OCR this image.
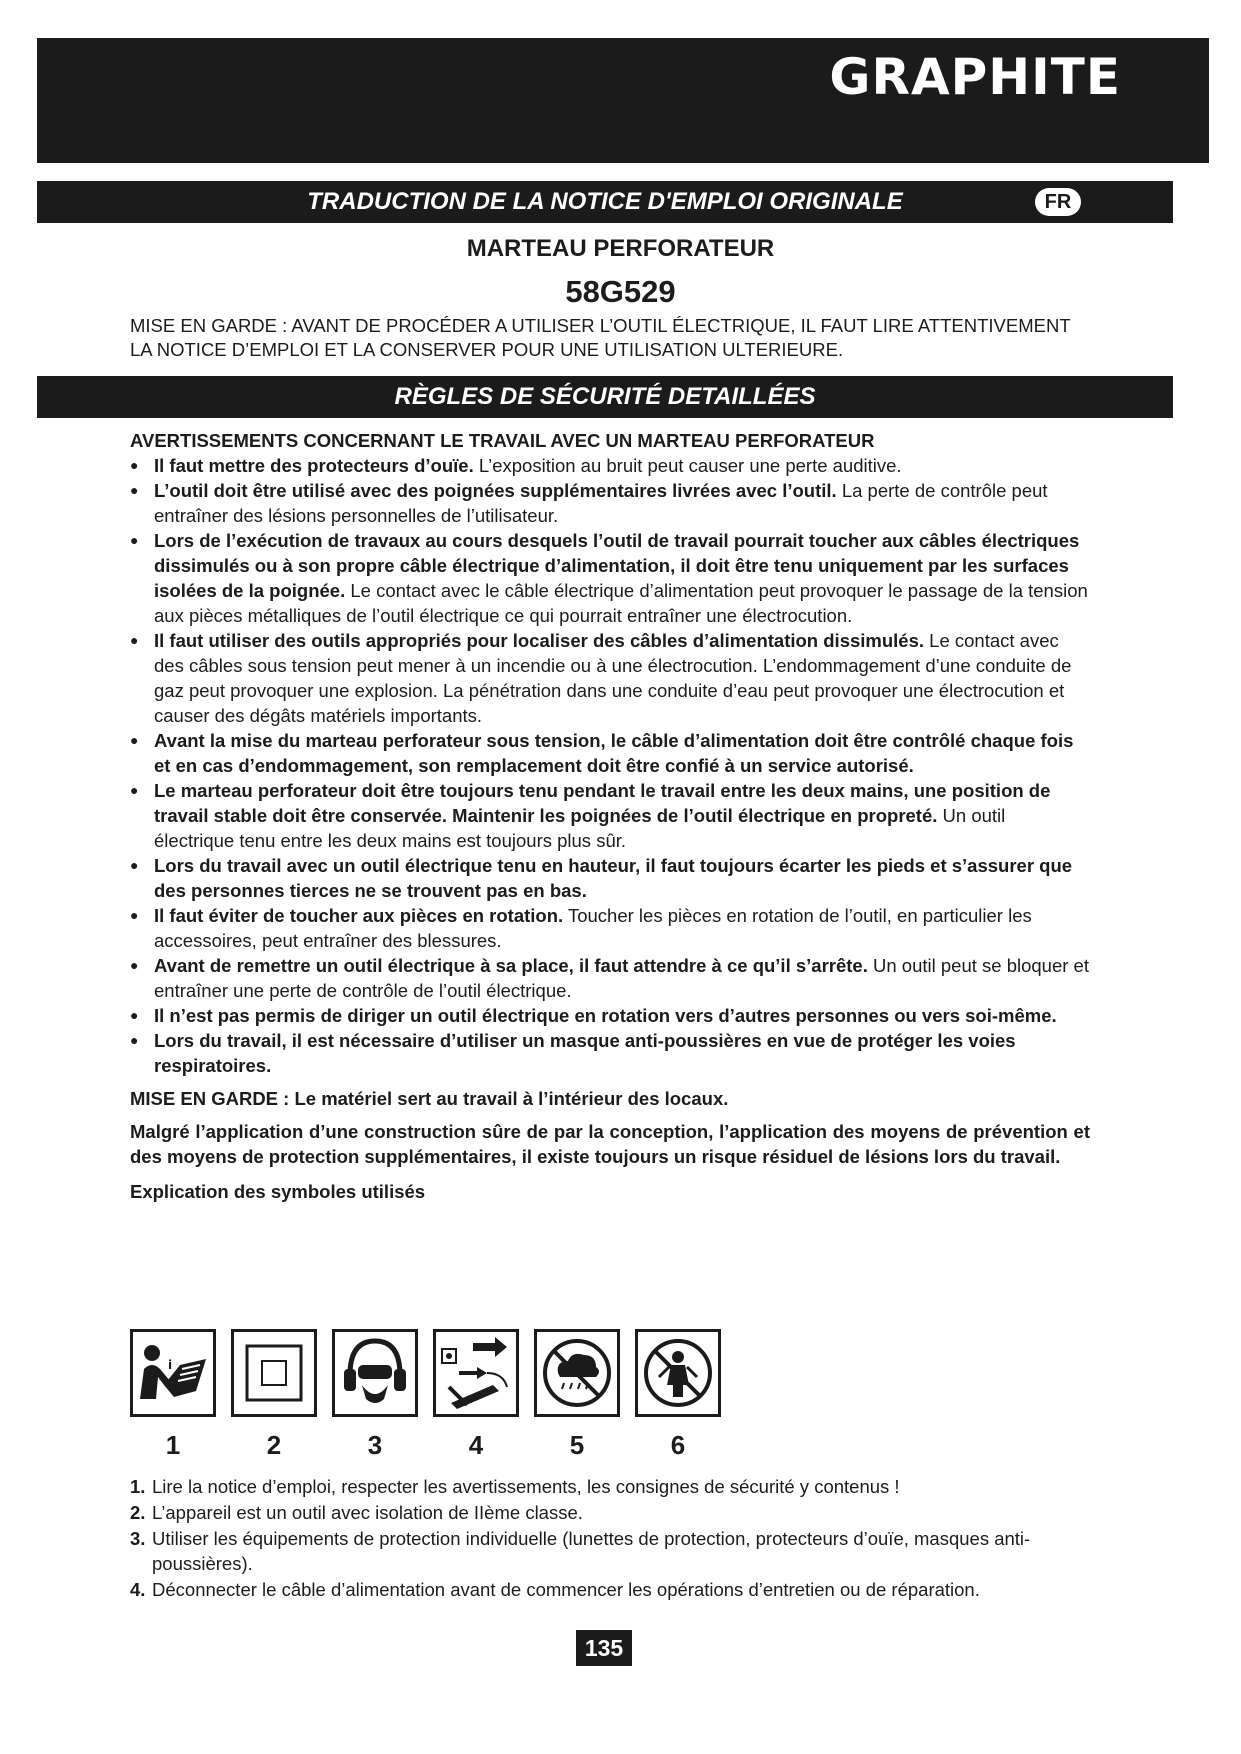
GRAPHITE
TRADUCTION DE LA NOTICE D'EMPLOI ORIGINALE	FR
MARTEAU PERFORATEUR
58G529

MISE EN GARDE : AVANT DE PROCÉDER A UTILISER L’OUTIL ÉLECTRIQUE, IL FAUT LIRE ATTENTIVEMENT LA NOTICE D’EMPLOI ET LA CONSERVER POUR UNE UTILISATION ULTERIEURE.

RÈGLES DE SÉCURITÉ DETAILLÉES

AVERTISSEMENTS CONCERNANT LE TRAVAIL AVEC UN MARTEAU PERFORATEUR

● Il faut mettre des protecteurs d’ouïe. L’exposition au bruit peut causer une perte auditive.
● L’outil doit être utilisé avec des poignées supplémentaires livrées avec l’outil. La perte de contrôle peut entraîner des lésions personnelles de l’utilisateur.
● Lors de l’exécution de travaux au cours desquels l’outil de travail pourrait toucher aux câbles électriques dissimulés ou à son propre câble électrique d’alimentation, il doit être tenu uniquement par les surfaces isolées de la poignée. Le contact avec le câble électrique d’alimentation peut provoquer le passage de la tension aux pièces métalliques de l’outil électrique ce qui pourrait entraîner une électrocution.
● Il faut utiliser des outils appropriés pour localiser des câbles d’alimentation dissimulés. Le contact avec des câbles sous tension peut mener à un incendie ou à une électrocution. L’endommagement d’une conduite de gaz peut provoquer une explosion. La pénétration dans une conduite d’eau peut provoquer une électrocution et causer des dégâts matériels importants.
● Avant la mise du marteau perforateur sous tension, le câble d’alimentation doit être contrôlé chaque fois et en cas d’endommagement, son remplacement doit être confié à un service autorisé.
● Le marteau perforateur doit être toujours tenu pendant le travail entre les deux mains, une position de travail stable doit être conservée. Maintenir les poignées de l’outil électrique en propreté. Un outil électrique tenu entre les deux mains est toujours plus sûr.
● Lors du travail avec un outil électrique tenu en hauteur, il faut toujours écarter les pieds et s’assurer que des personnes tierces ne se trouvent pas en bas.
● Il faut éviter de toucher aux pièces en rotation. Toucher les pièces en rotation de l’outil, en particulier les accessoires, peut entraîner des blessures.
● Avant de remettre un outil électrique à sa place, il faut attendre à ce qu’il s’arrête. Un outil peut se bloquer et entraîner une perte de contrôle de l’outil électrique.
● Il n’est pas permis de diriger un outil électrique en rotation vers d’autres personnes ou vers soi-même.
● Lors du travail, il est nécessaire d’utiliser un masque anti-poussières en vue de protéger les voies respiratoires.

MISE EN GARDE : Le matériel sert au travail à l’intérieur des locaux.

Malgré l’application d’une construction sûre de par la conception, l’application des moyens de prévention et des moyens de protection supplémentaires, il existe toujours un risque résiduel de lésions lors du travail.

Explication des symboles utilisés

i
1	2	3	4	5	6
1. Lire la notice d’emploi, respecter les avertissements, les consignes de sécurité y contenus !
2. L’appareil est un outil avec isolation de IIème classe.
3. Utiliser les équipements de protection individuelle (lunettes de protection, protecteurs d’ouïe, masques anti-poussières).
4. Déconnecter le câble d’alimentation avant de commencer les opérations d’entretien ou de réparation.
135
